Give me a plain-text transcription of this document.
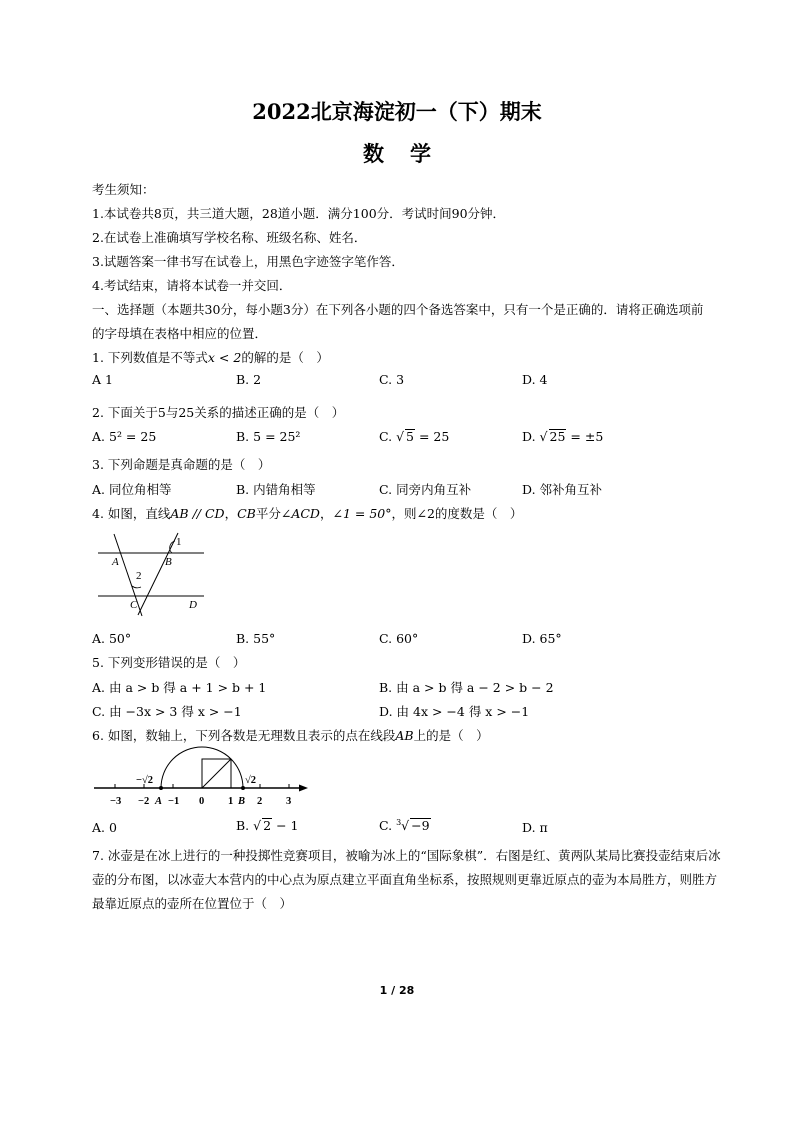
2022北京海淀初一（下）期末
数学
考生须知：
1.本试卷共8页，共三道大题，28道小题．满分100分．考试时间90分钟．
2.在试卷上准确填写学校名称、班级名称、姓名．
3.试题答案一律书写在试卷上，用黑色字迹签字笔作答．
4.考试结束，请将本试卷一并交回．
一、选择题（本题共30分，每小题3分）在下列各小题的四个备选答案中，只有一个是正确的．请将正确选项前
的字母填在表格中相应的位置．
1. 下列数值是不等式x < 2的解的是（　）
A 1	B. 2	C. 3	D. 4
2. 下面关于5与25关系的描述正确的是（　）
A. 5² = 25	B. 5 = 25²	C. √ 5 = 25	D. √ 25 = ±5
3. 下列命题是真命题的是（　）
A. 同位角相等	B. 内错角相等	C. 同旁内角互补	D. 邻补角互补
4. 如图，直线AB // CD，CB平分∠ACD，∠1 = 50°，则∠2的度数是（　）
1
2
A	B
C	D
A. 50°	B. 55°	C. 60°	D. 65°
5. 下列变形错误的是（　）
A. 由 a > b 得 a + 1 > b + 1	B. 由 a > b 得 a − 2 > b − 2
C. 由 −3x > 3 得 x > −1	D. 由 4x > −4 得 x > −1
6. 如图，数轴上，下列各数是无理数且表示的点在线段AB上的是（　）
−√2	√2
−3 −2 A −1 0 1 B 2 3
A. 0	B. √ 2 − 1	C. $^3$√ −9	D. π
7. 冰壶是在冰上进行的一种投掷性竞赛项目，被喻为冰上的“国际象棋”．右图是红、黄两队某局比赛投壶结束后冰
壶的分布图，以冰壶大本营内的中心点为原点建立平面直角坐标系，按照规则更靠近原点的壶为本局胜方，则胜方
最靠近原点的壶所在位置位于（　）
1 / 28
